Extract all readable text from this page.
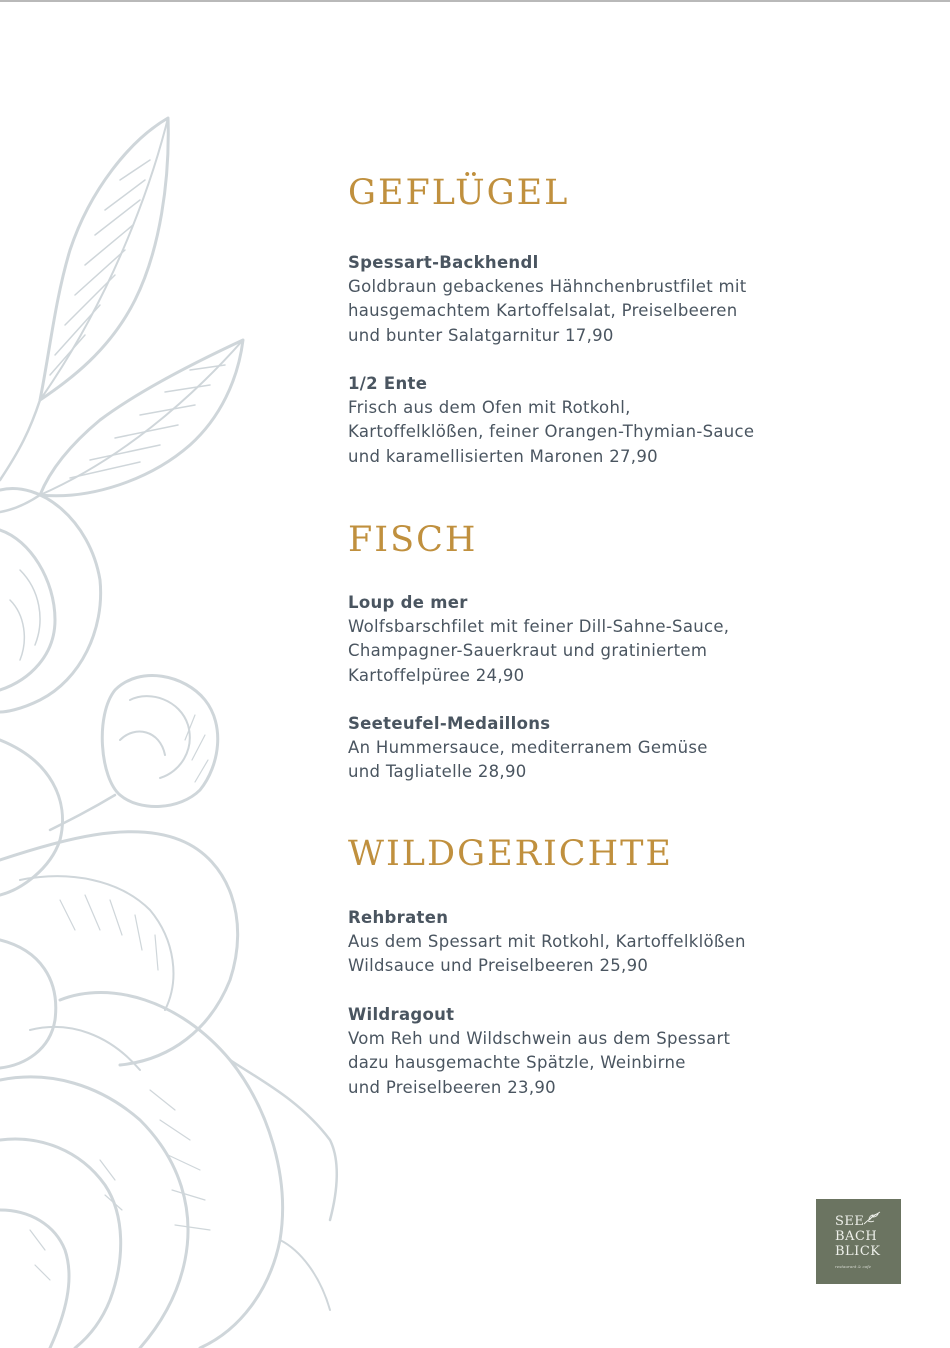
GEFLÜGEL
Spessart-Backhendl
Goldbraun gebackenes Hähnchenbrustfilet mit
hausgemachtem Kartoffelsalat, Preiselbeeren
und bunter Salatgarnitur 17,90
1/2 Ente
Frisch aus dem Ofen mit Rotkohl,
Kartoffelklößen, feiner Orangen-Thymian-Sauce
und karamellisierten Maronen 27,90
FISCH
Loup de mer
Wolfsbarschfilet mit feiner Dill-Sahne-Sauce,
Champagner-Sauerkraut und gratiniertem
Kartoffelpüree 24,90
Seeteufel-Medaillons
An Hummersauce, mediterranem Gemüse
und Tagliatelle 28,90
WILDGERICHTE
Rehbraten
Aus dem Spessart mit Rotkohl, Kartoffelklößen
Wildsauce und Preiselbeeren 25,90
Wildragout
Vom Reh und Wildschwein aus dem Spessart
dazu hausgemachte Spätzle, Weinbirne
und Preiselbeeren 23,90
SEE
BACH
BLICK
restaurant & cafe
